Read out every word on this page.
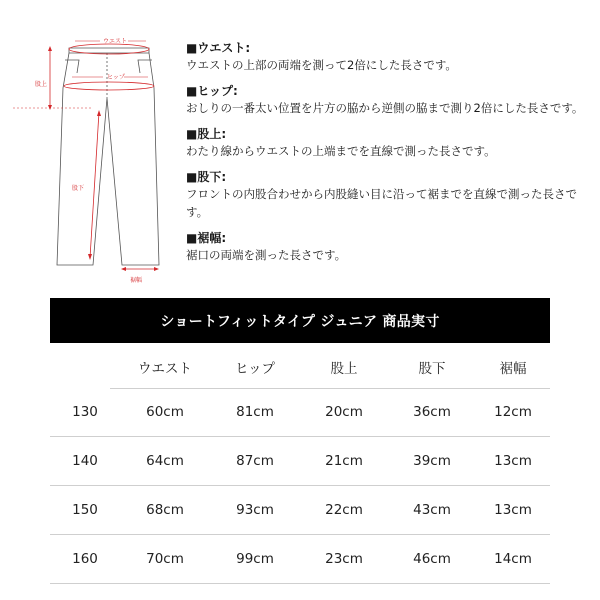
ウエスト
ヒップ
股上
股下
裾幅
■ウエスト:
ウエストの上部の両端を測って2倍にした長さです。
■ヒップ:
おしりの一番太い位置を片方の脇から逆側の脇まで測り2倍にした長さです。
■股上:
わたり線からウエストの上端までを直線で測った長さです。
■股下:
フロントの内股合わせから内股縫い目に沿って裾までを直線で測った長さです。
■裾幅:
裾口の両端を測った長さです。
ショートフィットタイプ ジュニア 商品実寸
ウエスト	ヒップ	股上	股下	裾幅
130	60cm	81cm	20cm	36cm	12cm
140	64cm	87cm	21cm	39cm	13cm
150	68cm	93cm	22cm	43cm	13cm
160	70cm	99cm	23cm	46cm	14cm
